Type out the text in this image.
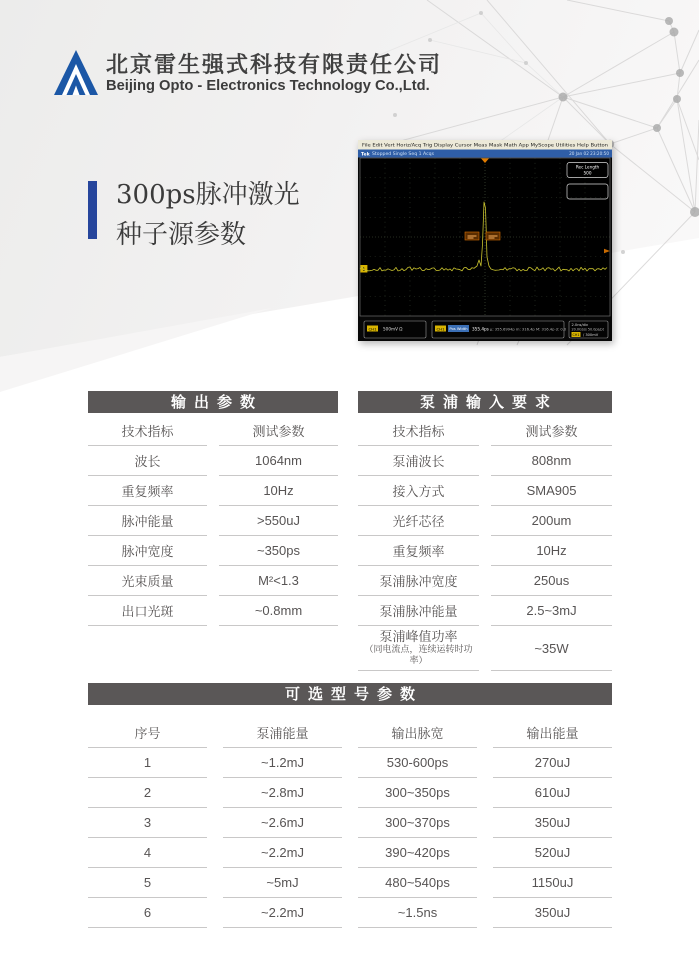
北京雷生强式科技有限责任公司
Beijing Opto - Electronics Technology Co.,Ltd.
300ps脉冲激光
种子源参数
File Edit Vert Horiz/Acq Trig Display Cursor Meas Mask Math App MyScope Utilities Help Button
Tek Stopped Single Seq 1 Acqs	20 Jan 02 23:20:50
1
Rec Length
500
CH1 500mV Ω	CH1 Pos Width 355.4ps μ: 355.6994p m: 316.4p M: 316.4p σ: 0.0
2.0ns/div
20.0GS/s 50.0ps/pt
CH1 / 300mV
输出参数
技术指标	测试参数
波长	1064nm
重复频率	10Hz
脉冲能量	>550uJ
脉冲宽度	~350ps
光束质量	M²<1.3
出口光斑	~0.8mm
泵浦输入要求
技术指标	测试参数
泵浦波长	808nm
接入方式	SMA905
光纤芯径	200um
重复频率	10Hz
泵浦脉冲宽度	250us
泵浦脉冲能量	2.5~3mJ

泵浦峰值功率
（同电流点，连续运转时功率）	~35W
可选型号参数
序号	泵浦能量	输出脉宽	输出能量
1	~1.2mJ	530-600ps	270uJ
2	~2.8mJ	300~350ps	610uJ
3	~2.6mJ	300~370ps	350uJ
4	~2.2mJ	390~420ps	520uJ
5	~5mJ	480~540ps	1150uJ
6	~2.2mJ	~1.5ns	350uJ
